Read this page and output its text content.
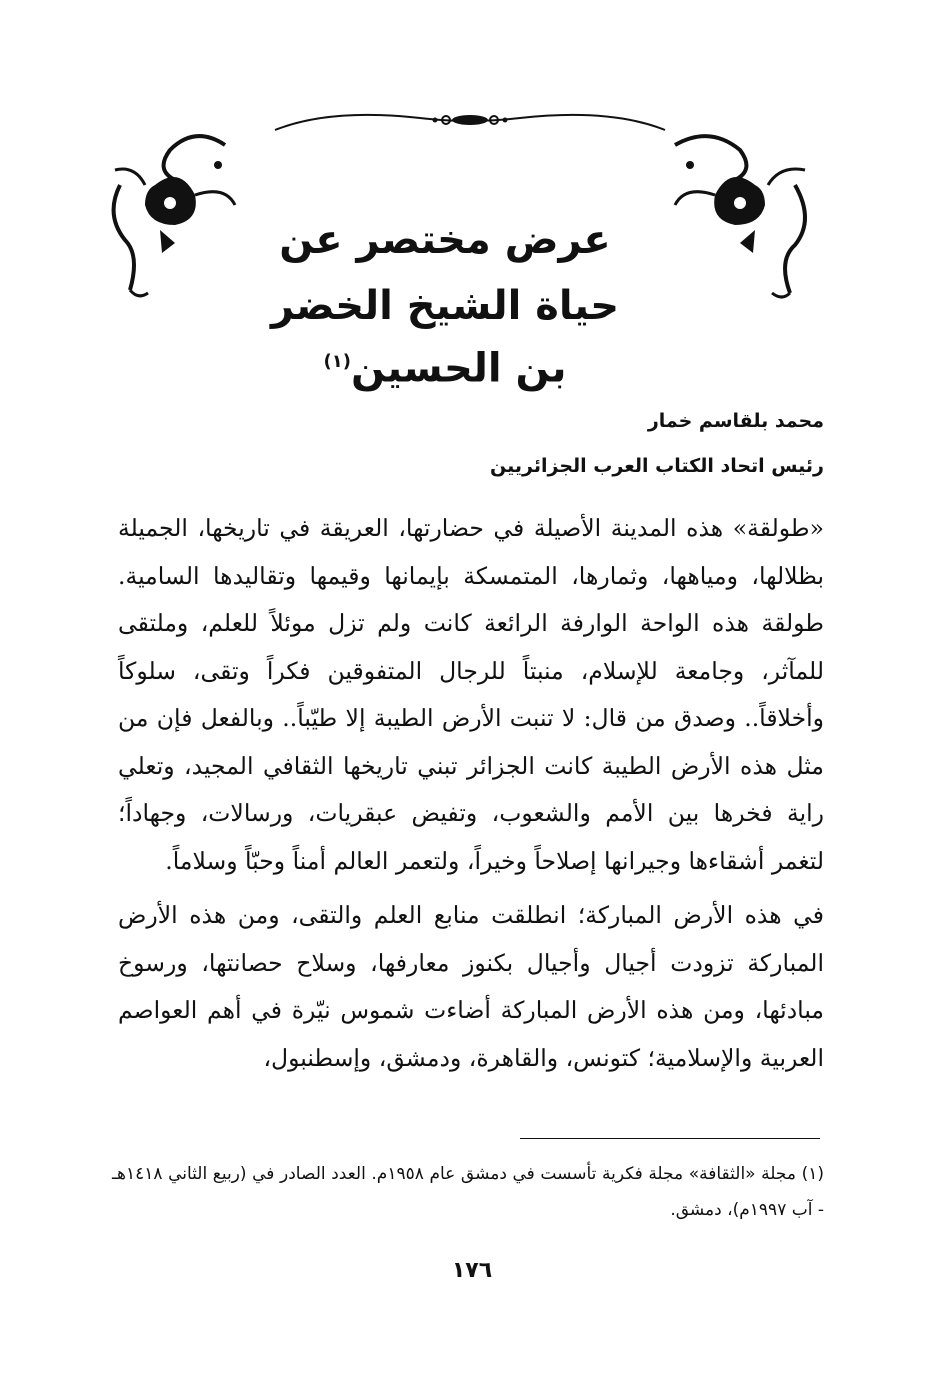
عرض مختصر عن
حياة الشيخ الخضر بن الحسين$^{(١)}$
محمد بلقاسم خمار
رئيس اتحاد الكتاب العرب الجزائريين

«طولقة» هذه المدينة الأصيلة في حضارتها، العريقة في تاريخها، الجميلة بظلالها، ومياهها، وثمارها، المتمسكة بإيمانها وقيمها وتقاليدها السامية. طولقة هذه الواحة الوارفة الرائعة كانت ولم تزل موئلاً للعلم، وملتقى للمآثر، وجامعة للإسلام، منبتاً للرجال المتفوقين فكراً وتقى، سلوكاً وأخلاقاً.. وصدق من قال: لا تنبت الأرض الطيبة إلا طيّباً.. وبالفعل فإن من مثل هذه الأرض الطيبة كانت الجزائر تبني تاريخها الثقافي المجيد، وتعلي راية فخرها بين الأمم والشعوب، وتفيض عبقريات، ورسالات، وجهاداً؛ لتغمر أشقاءها وجيرانها إصلاحاً وخيراً، ولتعمر العالم أمناً وحبّاً وسلاماً.

في هذه الأرض المباركة؛ انطلقت منابع العلم والتقى، ومن هذه الأرض المباركة تزودت أجيال وأجيال بكنوز معارفها، وسلاح حصانتها، ورسوخ مبادئها، ومن هذه الأرض المباركة أضاءت شموس نيّرة في أهم العواصم العربية والإسلامية؛ كتونس، والقاهرة، ودمشق، وإسطنبول،

(١) مجلة «الثقافة» مجلة فكرية تأسست في دمشق عام ١٩٥٨م. العدد الصادر في (ربيع الثاني ١٤١٨هـ - آب ١٩٩٧م)، دمشق.
١٧٦
